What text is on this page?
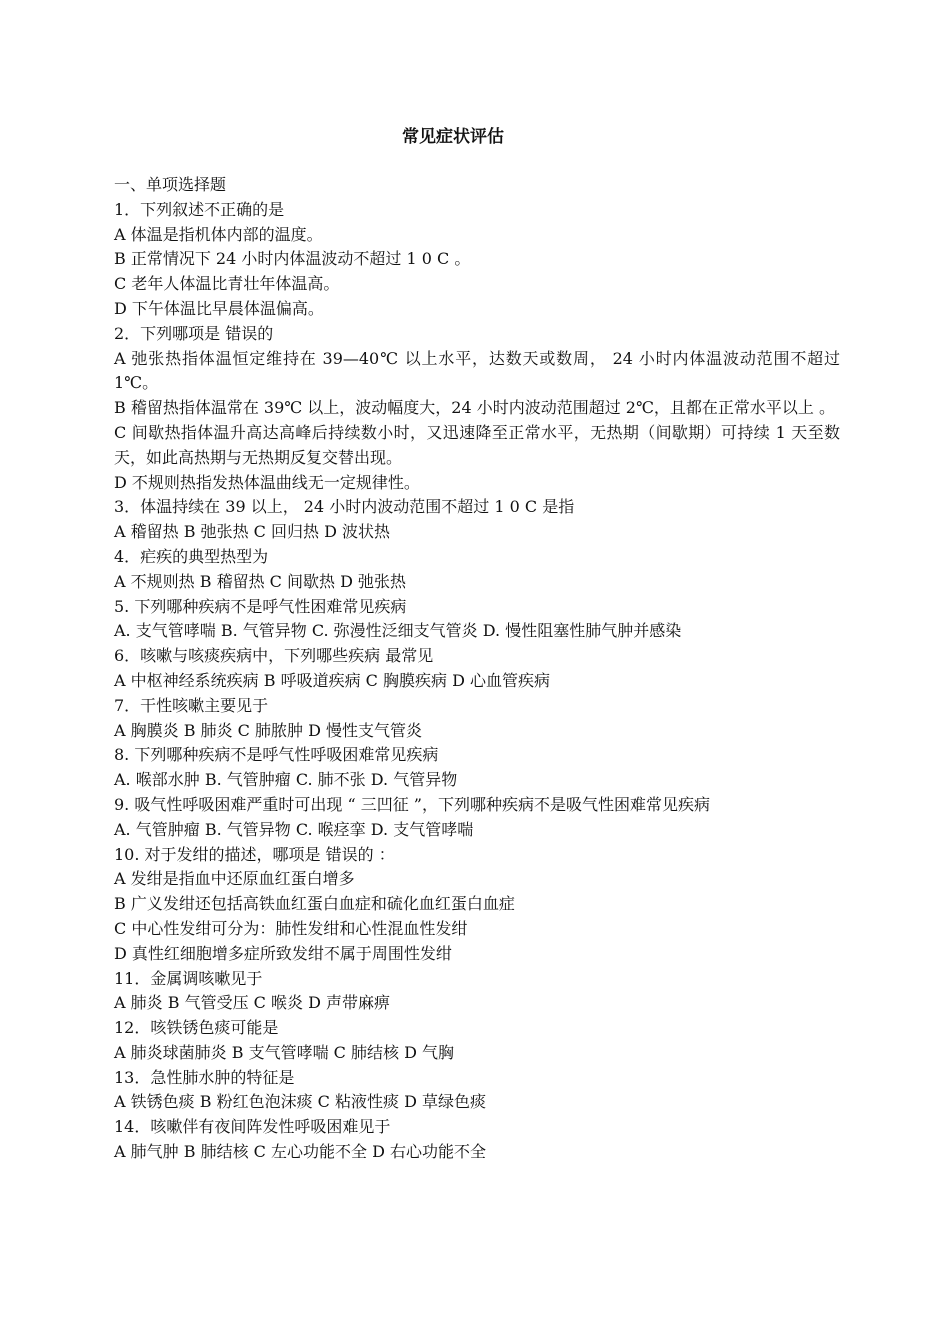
常见症状评估
一、单项选择题
1．下列叙述不正确的是
A 体温是指机体内部的温度。
B 正常情况下 24 小时内体温波动不超过 1 0 C 。
C 老年人体温比青壮年体温高。
D 下午体温比早晨体温偏高。
2．下列哪项是 错误的
A 弛张热指体温恒定维持在 39—40℃ 以上水平，达数天或数周， 24 小时内体温波动范围不超过 1℃。
B 稽留热指体温常在 39℃ 以上，波动幅度大，24 小时内波动范围超过 2℃，且都在正常水平以上 。
C 间歇热指体温升高达高峰后持续数小时，又迅速降至正常水平，无热期（间歇期）可持续 1 天至数天，如此高热期与无热期反复交替出现。
D 不规则热指发热体温曲线无一定规律性。
3．体温持续在 39 以上， 24 小时内波动范围不超过 1 0 C 是指
A 稽留热 B 弛张热 C 回归热 D 波状热
4．疟疾的典型热型为
A 不规则热 B 稽留热 C 间歇热 D 弛张热
5. 下列哪种疾病不是呼气性困难常见疾病
A. 支气管哮喘 B. 气管异物 C. 弥漫性泛细支气管炎 D. 慢性阻塞性肺气肿并感染
6．咳嗽与咳痰疾病中，下列哪些疾病 最常见
A 中枢神经系统疾病 B 呼吸道疾病 C 胸膜疾病 D 心血管疾病
7．干性咳嗽主要见于
A 胸膜炎 B 肺炎 C 肺脓肿 D 慢性支气管炎
8. 下列哪种疾病不是呼气性呼吸困难常见疾病
A. 喉部水肿 B. 气管肿瘤 C. 肺不张 D. 气管异物
9. 吸气性呼吸困难严重时可出现 “ 三凹征 ”，下列哪种疾病不是吸气性困难常见疾病
A. 气管肿瘤 B. 气管异物 C. 喉痉挛 D. 支气管哮喘
10. 对于发绀的描述，哪项是 错误的 ：
A 发绀是指血中还原血红蛋白增多
B 广义发绀还包括高铁血红蛋白血症和硫化血红蛋白血症
C 中心性发绀可分为：肺性发绀和心性混血性发绀
D 真性红细胞增多症所致发绀不属于周围性发绀
11．金属调咳嗽见于
A 肺炎 B 气管受压 C 喉炎 D 声带麻痹
12．咳铁锈色痰可能是
A 肺炎球菌肺炎 B 支气管哮喘 C 肺结核 D 气胸
13．急性肺水肿的特征是
A 铁锈色痰 B 粉红色泡沫痰 C 粘液性痰 D 草绿色痰
14．咳嗽伴有夜间阵发性呼吸困难见于
A 肺气肿 B 肺结核 C 左心功能不全 D 右心功能不全
